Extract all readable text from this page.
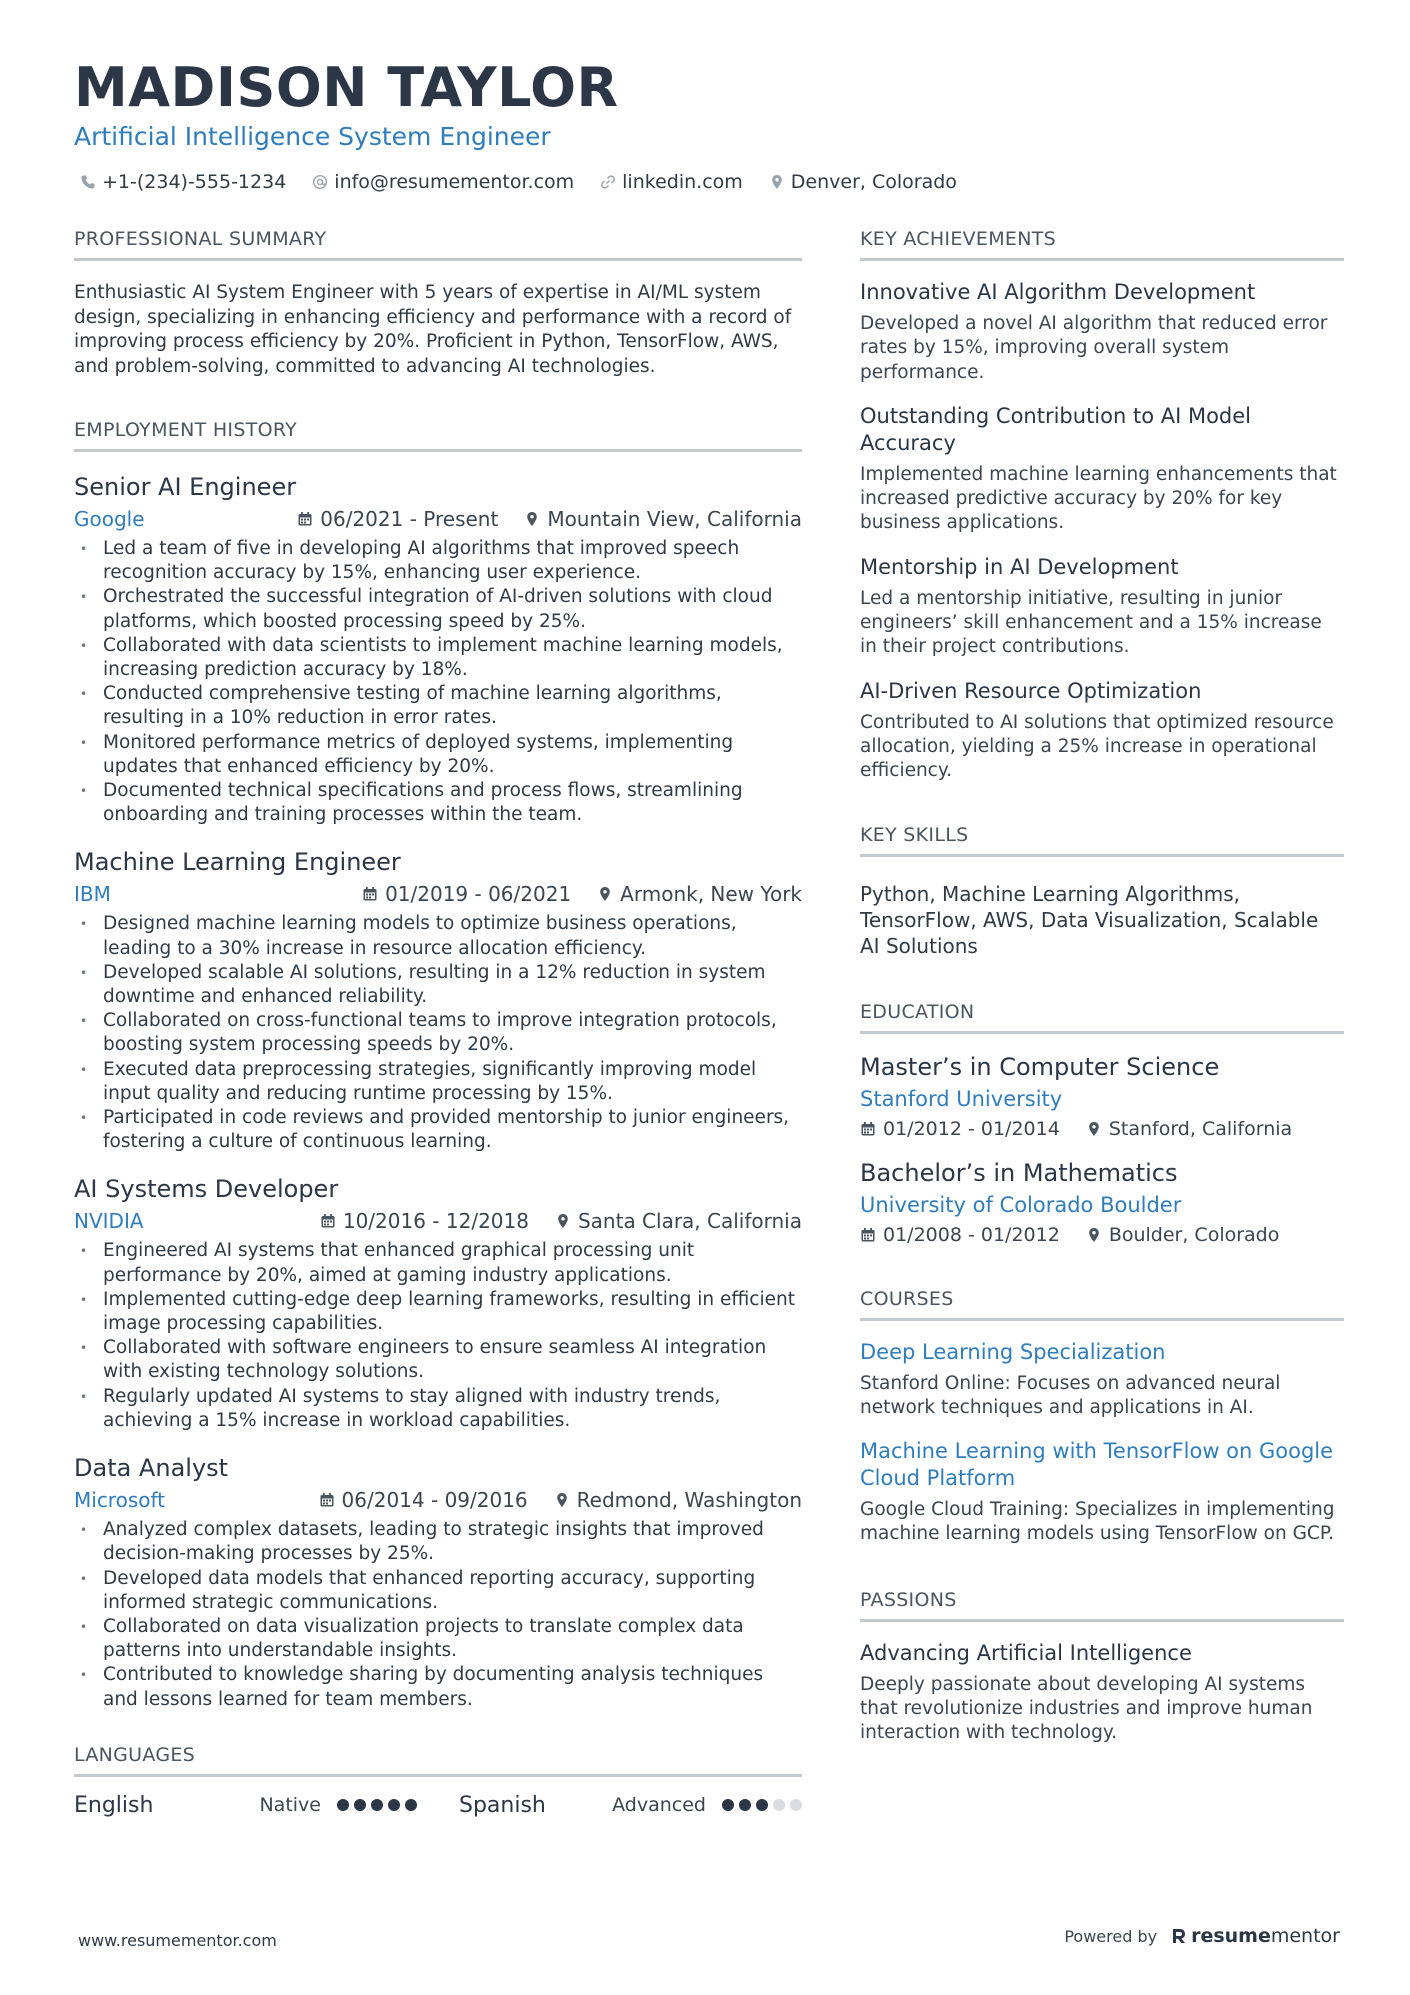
MADISON TAYLOR
Artificial Intelligence System Engineer
+1-(234)-555-1234	info@resumementor.com	linkedin.com	Denver, Colorado
PROFESSIONAL SUMMARY
Enthusiastic AI System Engineer with 5 years of expertise in AI/ML system design, specializing in enhancing efficiency and performance with a record of improving process efficiency by 20%. Proficient in Python, TensorFlow, AWS, and problem-solving, committed to advancing AI technologies.
EMPLOYMENT HISTORY
Senior AI Engineer
Google	06/2021 - Present Mountain View, California
• Led a team of five in developing AI algorithms that improved speech recognition accuracy by 15%, enhancing user experience.
• Orchestrated the successful integration of AI-driven solutions with cloud platforms, which boosted processing speed by 25%.
• Collaborated with data scientists to implement machine learning models, increasing prediction accuracy by 18%.
• Conducted comprehensive testing of machine learning algorithms, resulting in a 10% reduction in error rates.
• Monitored performance metrics of deployed systems, implementing updates that enhanced efficiency by 20%.
• Documented technical specifications and process flows, streamlining onboarding and training processes within the team.
Machine Learning Engineer
IBM	01/2019 - 06/2021 Armonk, New York
• Designed machine learning models to optimize business operations, leading to a 30% increase in resource allocation efficiency.
• Developed scalable AI solutions, resulting in a 12% reduction in system downtime and enhanced reliability.
• Collaborated on cross-functional teams to improve integration protocols, boosting system processing speeds by 20%.
• Executed data preprocessing strategies, significantly improving model input quality and reducing runtime processing by 15%.
• Participated in code reviews and provided mentorship to junior engineers, fostering a culture of continuous learning.
AI Systems Developer
NVIDIA	10/2016 - 12/2018 Santa Clara, California
• Engineered AI systems that enhanced graphical processing unit performance by 20%, aimed at gaming industry applications.
• Implemented cutting-edge deep learning frameworks, resulting in efficient image processing capabilities.
• Collaborated with software engineers to ensure seamless AI integration with existing technology solutions.
• Regularly updated AI systems to stay aligned with industry trends, achieving a 15% increase in workload capabilities.
Data Analyst
Microsoft	06/2014 - 09/2016 Redmond, Washington
• Analyzed complex datasets, leading to strategic insights that improved decision-making processes by 25%.
• Developed data models that enhanced reporting accuracy, supporting informed strategic communications.
• Collaborated on data visualization projects to translate complex data patterns into understandable insights.
• Contributed to knowledge sharing by documenting analysis techniques and lessons learned for team members.
LANGUAGES
English	Native	Spanish	Advanced
KEY ACHIEVEMENTS
Innovative AI Algorithm Development
Developed a novel AI algorithm that reduced error rates by 15%, improving overall system performance.
Outstanding Contribution to AI Model Accuracy
Implemented machine learning enhancements that increased predictive accuracy by 20% for key business applications.
Mentorship in AI Development
Led a mentorship initiative, resulting in junior engineers’ skill enhancement and a 15% increase in their project contributions.
AI-Driven Resource Optimization
Contributed to AI solutions that optimized resource allocation, yielding a 25% increase in operational efficiency.
KEY SKILLS
Python, Machine Learning Algorithms, TensorFlow, AWS, Data Visualization, Scalable AI Solutions
EDUCATION
Master’s in Computer Science
Stanford University
01/2012 - 01/2014	Stanford, California
Bachelor’s in Mathematics
University of Colorado Boulder
01/2008 - 01/2012	Boulder, Colorado
COURSES
Deep Learning Specialization
Stanford Online: Focuses on advanced neural network techniques and applications in AI.
Machine Learning with TensorFlow on Google Cloud Platform
Google Cloud Training: Specializes in implementing machine learning models using TensorFlow on GCP.
PASSIONS
Advancing Artificial Intelligence
Deeply passionate about developing AI systems that revolutionize industries and improve human interaction with technology.
www.resumementor.com	Powered by resumementor
